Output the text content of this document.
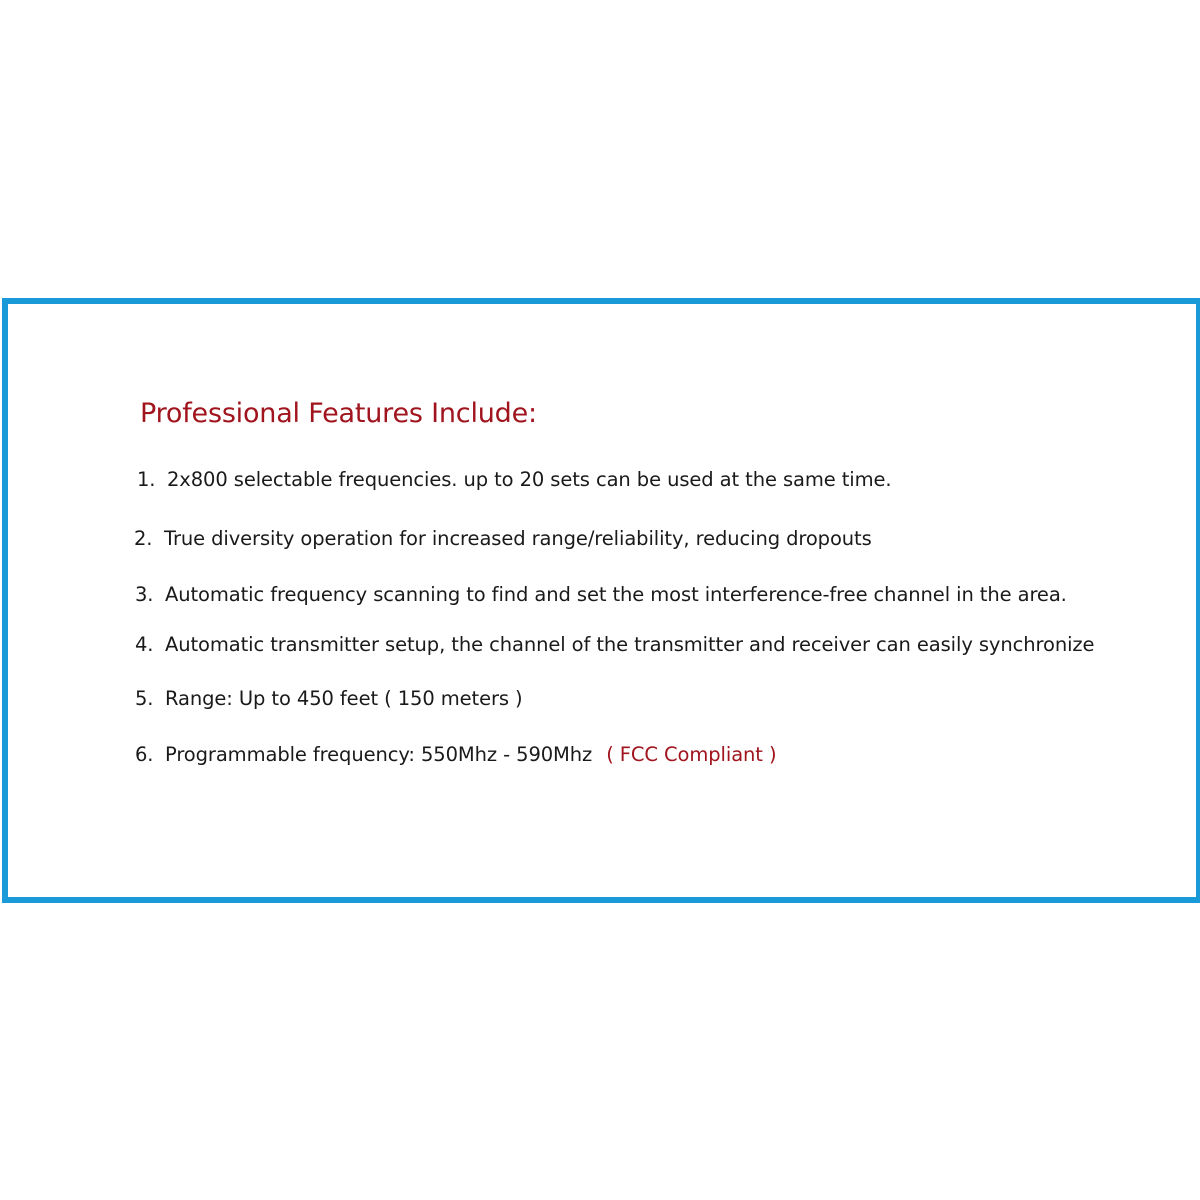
Professional Features Include:

1. 2x800 selectable frequencies. up to 20 sets can be used at the same time.

2. True diversity operation for increased range/reliability, reducing dropouts

3. Automatic frequency scanning to find and set the most interference-free channel in the area.

4. Automatic transmitter setup, the channel of the transmitter and receiver can easily synchronize

5. Range: Up to 450 feet ( 150 meters )

6. Programmable frequency: 550Mhz - 590Mhz ( FCC Compliant )
